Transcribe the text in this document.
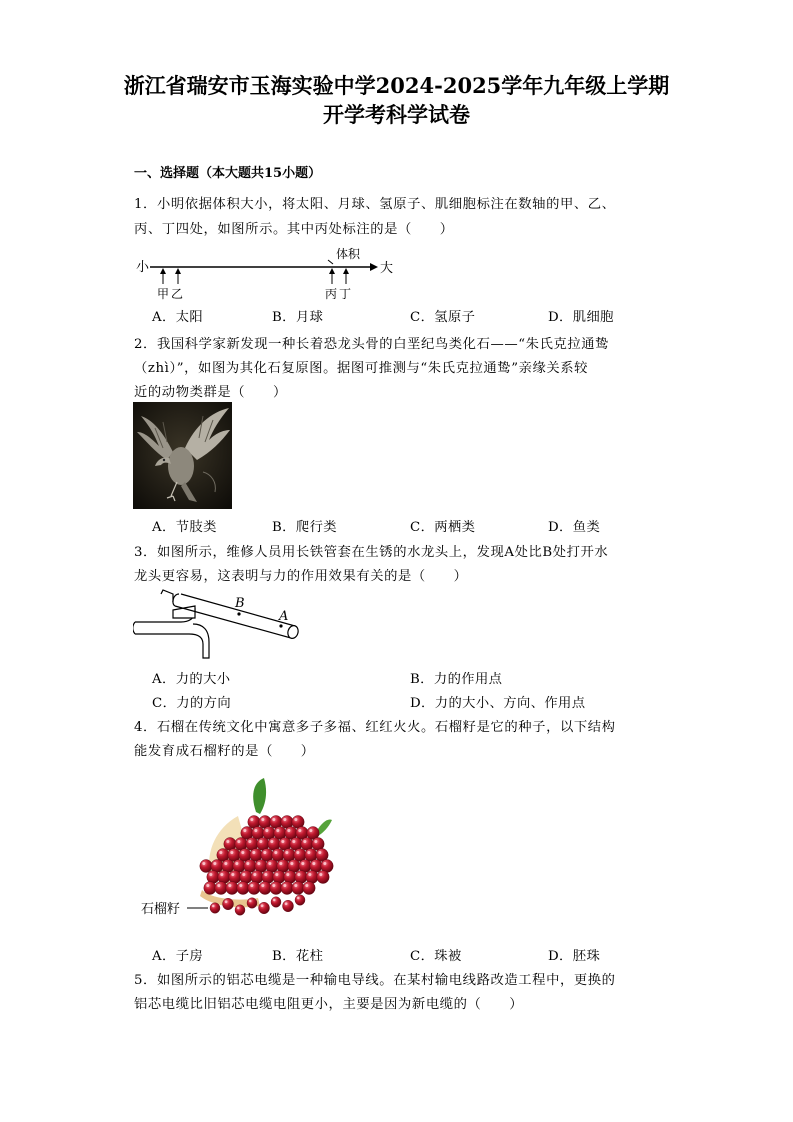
浙江省瑞安市玉海实验中学2024-2025学年九年级上学期
开学考科学试卷
一、选择题（本大题共15小题）
1．小明依据体积大小，将太阳、月球、氢原子、肌细胞标注在数轴的甲、乙、
丙、丁四处，如图所示。其中丙处标注的是（　　）
小	大
体积
甲 乙	丙 丁
A．太阳	B．月球	C．氢原子	D．肌细胞
2．我国科学家新发现一种长着恐龙头骨的白垩纪鸟类化石——“朱氏克拉通鸷
（zhì）”，如图为其化石复原图。据图可推测与“朱氏克拉通鸷”亲缘关系较
近的动物类群是（　　）
A．节肢类	B．爬行类	C．两栖类	D．鱼类
3．如图所示，维修人员用长铁管套在生锈的水龙头上，发现A处比B处打开水
龙头更容易，这表明与力的作用效果有关的是（　　）
B
A
A．力的大小	B．力的作用点
C．力的方向	D．力的大小、方向、作用点
4．石榴在传统文化中寓意多子多福、红红火火。石榴籽是它的种子，以下结构
能发育成石榴籽的是（　　）
石榴籽
A．子房	B．花柱	C．珠被	D．胚珠
5．如图所示的铝芯电缆是一种输电导线。在某村输电线路改造工程中，更换的
铝芯电缆比旧铝芯电缆电阻更小，主要是因为新电缆的（　　）
